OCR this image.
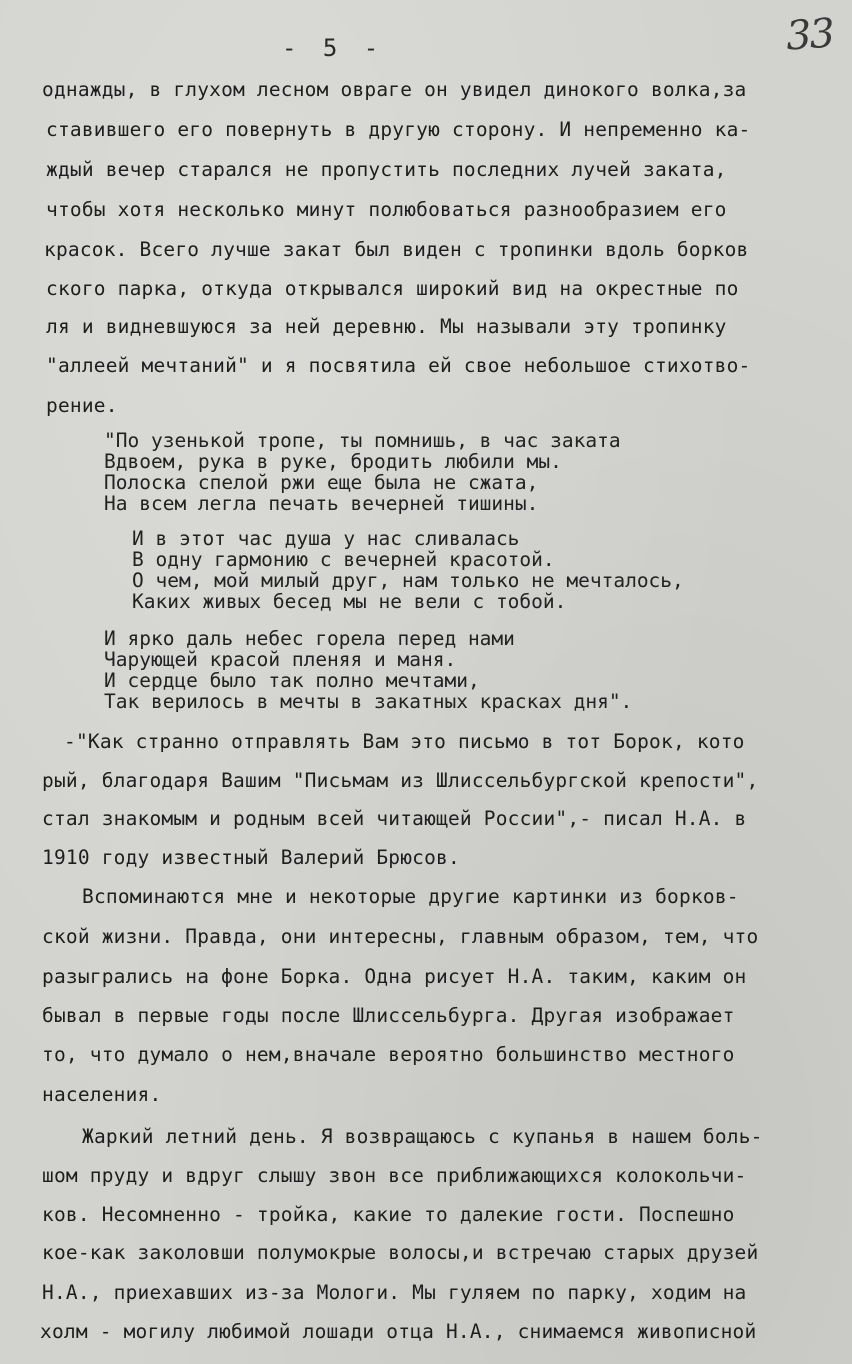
- 5 -	33
однажды, в глухом лесном овраге он увидел динокого волка,за
ставившего его повернуть в другую сторону. И непременно ка-
ждый вечер старался не пропустить последних лучей заката,
чтобы хотя несколько минут полюбоваться разнообразием его
красок. Всего лучше закат был виден с тропинки вдоль борков
ского парка, откуда открывался широкий вид на окрестные по
ля и видневшуюся за ней деревню. Мы называли эту тропинку
"аллеей мечтаний" и я посвятила ей свое небольшое стихотво-
рение.
"По узенькой тропе, ты помнишь, в час заката
Вдвоем, рука в руке, бродить любили мы.
Полоска спелой ржи еще была не сжата,
На всем легла печать вечерней тишины.
И в этот час душа у нас сливалась
В одну гармонию с вечерней красотой.
О чем, мой милый друг, нам только не мечталось,
Каких живых бесед мы не вели с тобой.
И ярко даль небес горела перед нами
Чарующей красой пленяя и маня.
И сердце было так полно мечтами,
Так верилось в мечты в закатных красках дня".
-"Как странно отправлять Вам это письмо в тот Борок, кото
рый, благодаря Вашим "Письмам из Шлиссельбургской крепости",
стал знакомым и родным всей читающей России",- писал Н.А. в
1910 году известный Валерий Брюсов.
Вспоминаются мне и некоторые другие картинки из борков-
ской жизни. Правда, они интересны, главным образом, тем, что
разыгрались на фоне Борка. Одна рисует Н.А. таким, каким он
бывал в первые годы после Шлиссельбурга. Другая изображает
то, что думало о нем,вначале вероятно большинство местного
населения.
Жаркий летний день. Я возвращаюсь с купанья в нашем боль-
шом пруду и вдруг слышу звон все приближающихся колокольчи-
ков. Несомненно - тройка, какие то далекие гости. Поспешно
кое-как заколовши полумокрые волосы,и встречаю старых друзей
Н.А., приехавших из-за Мологи. Мы гуляем по парку, ходим на
холм - могилу любимой лошади отца Н.А., снимаемся живописной
